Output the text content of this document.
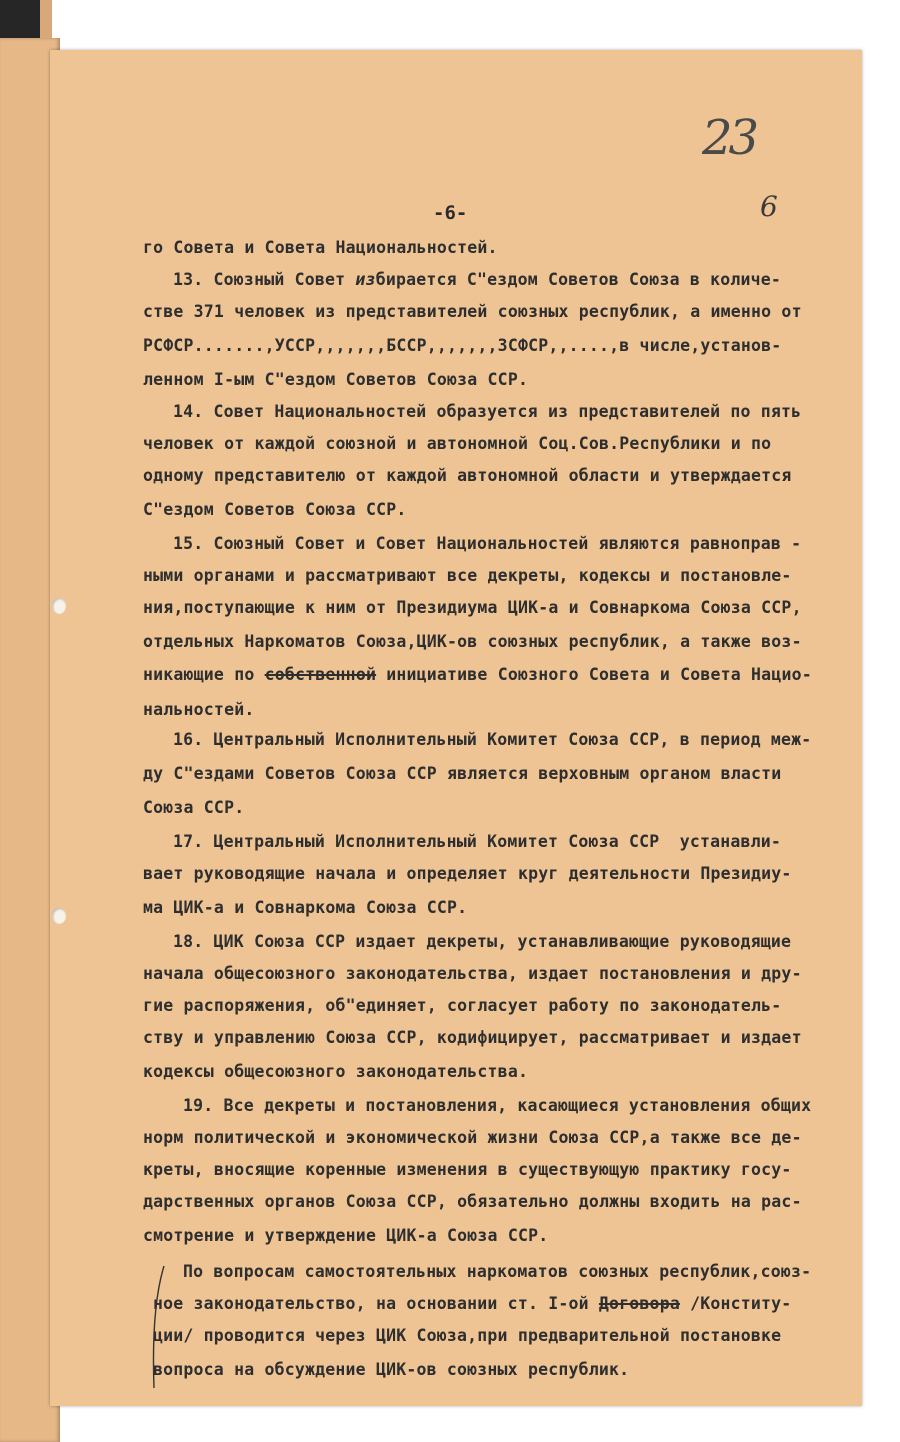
23
6
-6-
го Совета и Совета Национальностей.
13. Союзный Совет избирается С"ездом Советов Союза в количе-
стве 371 человек из представителей союзных республик, а именно от
РСФСР.......,УССР,,,,,,,БССР,,,,,,,ЗСФСР,,....,в числе,установ-
ленном I-ым С"ездом Советов Союза ССР.
14. Совет Национальностей образуется из представителей по пять
человек от каждой союзной и автономной Соц.Сов.Республики и по
одному представителю от каждой автономной области и утверждается
С"ездом Советов Союза ССР.
15. Союзный Совет и Совет Национальностей являются равноправ -
ными органами и рассматривают все декреты, кодексы и постановле-
ния,поступающие к ним от Президиума ЦИК-а и Совнаркома Союза ССР,
отдельных Наркоматов Союза,ЦИК-ов союзных республик, а также воз-
никающие по собственной инициативе Союзного Совета и Совета Нацио-
нальностей.
16. Центральный Исполнительный Комитет Союза ССР, в период меж-
ду С"ездами Советов Союза ССР является верховным органом власти
Союза ССР.
17. Центральный Исполнительный Комитет Союза ССР  устанавли-
вает руководящие начала и определяет круг деятельности Президиу-
ма ЦИК-а и Совнаркома Союза ССР.
18. ЦИК Союза ССР издает декреты, устанавливающие руководящие
начала общесоюзного законодательства, издает постановления и дру-
гие распоряжения, об"единяет, согласует работу по законодатель-
ству и управлению Союза ССР, кодифицирует, рассматривает и издает
кодексы общесоюзного законодательства.
19. Все декреты и постановления, касающиеся установления общих
норм политической и экономической жизни Союза ССР,а также все де-
креты, вносящие коренные изменения в существующую практику госу-
дарственных органов Союза ССР, обязательно должны входить на рас-
смотрение и утверждение ЦИК-а Союза ССР.
По вопросам самостоятельных наркоматов союзных республик,союз-
ное законодательство, на основании ст. I-ой Договора /Конститу-
ции/ проводится через ЦИК Союза,при предварительной постановке
вопроса на обсуждение ЦИК-ов союзных республик.
